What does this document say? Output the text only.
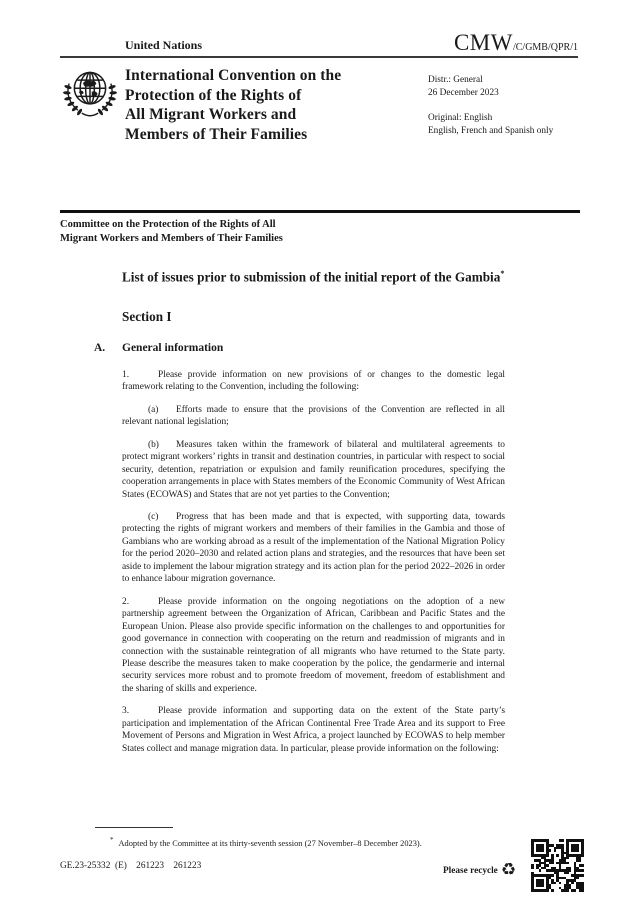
United Nations	CMW/C/GMB/QPR/1
International Convention on the
Protection of the Rights of
All Migrant Workers and
Members of Their Families
Distr.: General
26 December 2023
Original: English
English, French and Spanish only
Committee on the Protection of the Rights of All
Migrant Workers and Members of Their Families
List of issues prior to submission of the initial report of the Gambia*
Section I
A. General information

1.	Please provide information on new provisions of or changes to the domestic legal framework relating to the Convention, including the following:

(a) Efforts made to ensure that the provisions of the Convention are reflected in all relevant national legislation;

(b) Measures taken within the framework of bilateral and multilateral agreements to protect migrant workers’ rights in transit and destination countries, in particular with respect to social security, detention, repatriation or expulsion and family reunification procedures, specifying the cooperation arrangements in place with States members of the Economic Community of West African States (ECOWAS) and States that are not yet parties to the Convention;

(c) Progress that has been made and that is expected, with supporting data, towards protecting the rights of migrant workers and members of their families in the Gambia and those of Gambians who are working abroad as a result of the implementation of the National Migration Policy for the period 2020–2030 and related action plans and strategies, and the resources that have been set aside to implement the labour migration strategy and its action plan for the period 2022–2026 in order to enhance labour migration governance.

2.	Please provide information on the ongoing negotiations on the adoption of a new partnership agreement between the Organization of African, Caribbean and Pacific States and the European Union. Please also provide specific information on the challenges to and opportunities for good governance in connection with cooperating on the return and readmission of migrants and in connection with the sustainable reintegration of all migrants who have returned to the State party. Please describe the measures taken to make cooperation by the police, the gendarmerie and internal security services more robust and to promote freedom of movement, freedom of establishment and the sharing of skills and experience.

3.	Please provide information and supporting data on the extent of the State party’s participation and implementation of the African Continental Free Trade Area and its support to Free Movement of Persons and Migration in West Africa, a project launched by ECOWAS to help member States collect and manage migration data. In particular, please provide information on the following:

* Adopted by the Committee at its thirty-seventh session (27 November–8 December 2023).
GE.23-25332  (E)    261223    261223	Please recycle ♻
